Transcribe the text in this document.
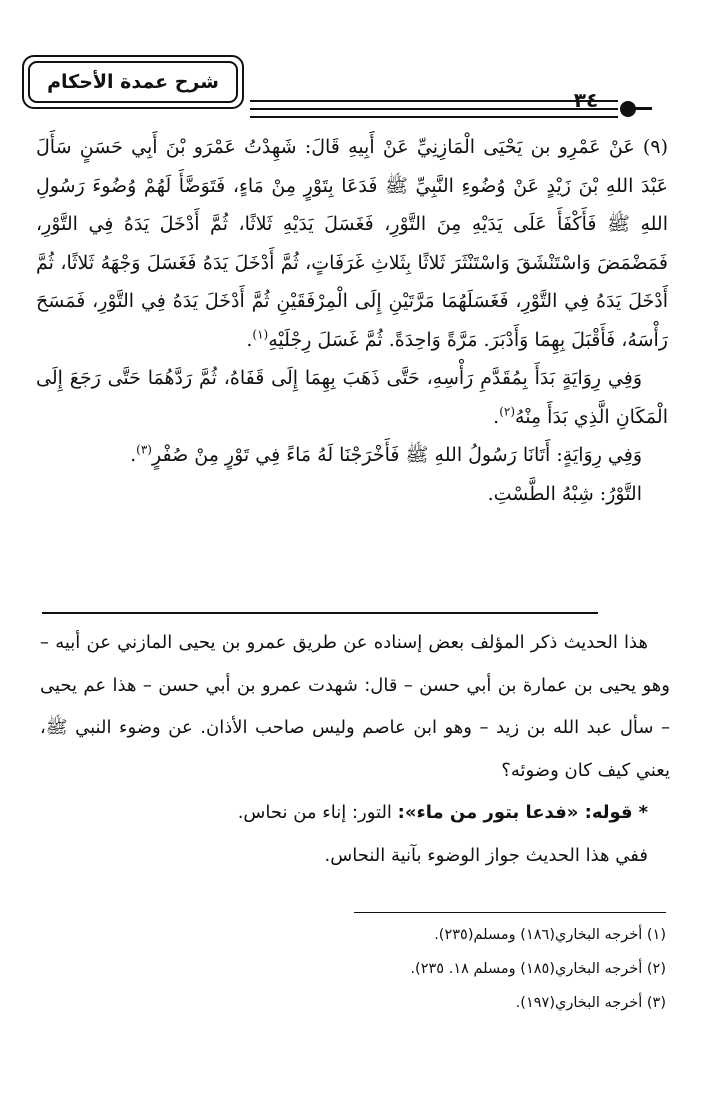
شرح عمدة الأحكام
٣٤

(٩) عَنْ عَمْرِو بن يَحْيَى الْمَازِنِيِّ عَنْ أَبِيهِ قَالَ: شَهِدْتُ عَمْرَو بْنَ أَبِي حَسَنٍ سَأَلَ عَبْدَ اللهِ بْنَ زَيْدٍ عَنْ وُضُوءِ النَّبِيِّ ﷺ فَدَعَا بِتَوْرٍ مِنْ مَاءٍ، فَتَوَضَّأَ لَهُمْ وُضُوءَ رَسُولِ اللهِ ﷺ فَأَكْفَأَ عَلَى يَدَيْهِ مِنَ التَّوْرِ، فَغَسَلَ يَدَيْهِ ثَلاثًا، ثُمَّ أَدْخَلَ يَدَهُ فِي التَّوْرِ، فَمَضْمَضَ وَاسْتَنْشَقَ وَاسْتَنْثَرَ ثَلاثًا بِثَلاثِ غَرَفَاتٍ، ثُمَّ أَدْخَلَ يَدَهُ فَغَسَلَ وَجْهَهُ ثَلاثًا، ثُمَّ أَدْخَلَ يَدَهُ فِي التَّوْرِ، فَغَسَلَهُمَا مَرَّتَيْنِ إِلَى الْمِرْفَقَيْنِ ثُمَّ أَدْخَلَ يَدَهُ فِي التَّوْرِ، فَمَسَحَ رَأْسَهُ، فَأَقْبَلَ بِهِمَا وَأَدْبَرَ. مَرَّةً وَاحِدَةً. ثُمَّ غَسَلَ رِجْلَيْهِ$^{(١)}$.

وَفِي رِوَايَةٍ بَدَأَ بِمُقَدَّمِ رَأْسِهِ، حَتَّى ذَهَبَ بِهِمَا إِلَى قَفَاهُ، ثُمَّ رَدَّهُمَا حَتَّى رَجَعَ إِلَى الْمَكَانِ الَّذِي بَدَأَ مِنْهُ$^{(٢)}$.

وَفِي رِوَايَةٍ: أَتَانَا رَسُولُ اللهِ ﷺ فَأَخْرَجْنَا لَهُ مَاءً فِي تَوْرٍ مِنْ صُفْرٍ$^{(٣)}$.

التَّوْرُ: شِبْهُ الطَّسْتِ.

هذا الحديث ذكر المؤلف بعض إسناده عن طريق عمرو بن يحيى المازني عن أبيه – وهو يحيى بن عمارة بن أبي حسن – قال: شهدت عمرو بن أبي حسن – هذا عم يحيى – سأل عبد الله بن زيد – وهو ابن عاصم وليس صاحب الأذان. عن وضوء النبي ﷺ، يعني كيف كان وضوئه؟

*قوله: «فدعا بتور من ماء»: التور: إناء من نحاس.

ففي هذا الحديث جواز الوضوء بآنية النحاس.

(١) أخرجه البخاري(١٨٦) ومسلم(٢٣٥).
(٢) أخرجه البخاري(١٨٥) ومسلم ١٨. ٢٣٥).
(٣) أخرجه البخاري(١٩٧).
